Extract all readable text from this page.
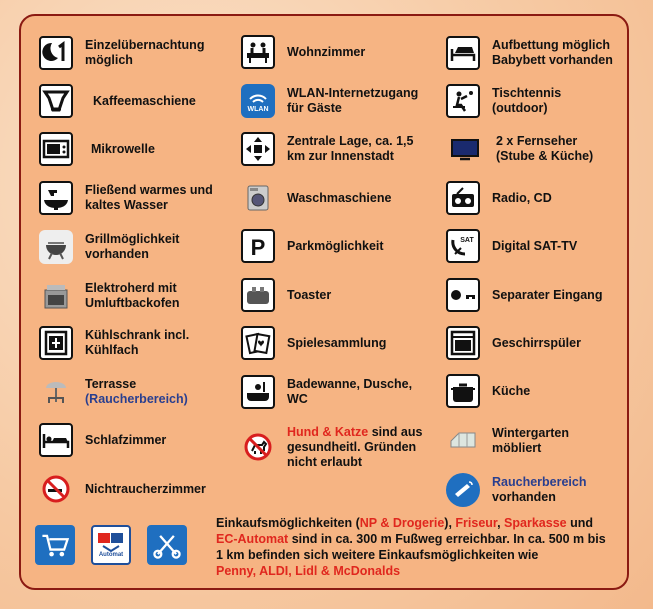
Einzelübernachtung
möglich
Kaffeemaschiene
Mikrowelle
Fließend warmes und
kaltes Wasser
Grillmöglichkeit
vorhanden
Elektroherd mit
Umluftbackofen
Kühlschrank incl.
Kühlfach
Terrasse
(Raucherbereich)
Schlafzimmer
Nichtraucherzimmer
Wohnzimmer
WLAN
WLAN-Internetzugang
für Gäste
Zentrale Lage, ca. 1,5
km zur Innenstadt
Waschmaschiene
P Parkmöglichkeit
Toaster
Spielesammlung
Badewanne, Dusche,
WC
Hund & Katze sind aus
gesundheitl. Gründen
nicht erlaubt
Aufbettung möglich
Babybett vorhanden
Tischtennis
(outdoor)
2 x Fernseher
(Stube & Küche)
Radio, CD
SAT Digital SAT-TV
Separater Eingang
Geschirrspüler
Küche
Wintergarten
möbliert
Raucherbereich
vorhanden
Automat
Einkaufsmöglichkeiten (NP & Drogerie), Friseur, Sparkasse und
EC-Automat sind in ca. 300 m Fußweg erreichbar. In ca. 500 m bis 1 km befinden sich weitere Einkaufsmöglichkeiten wie
Penny, ALDI, Lidl & McDonalds
